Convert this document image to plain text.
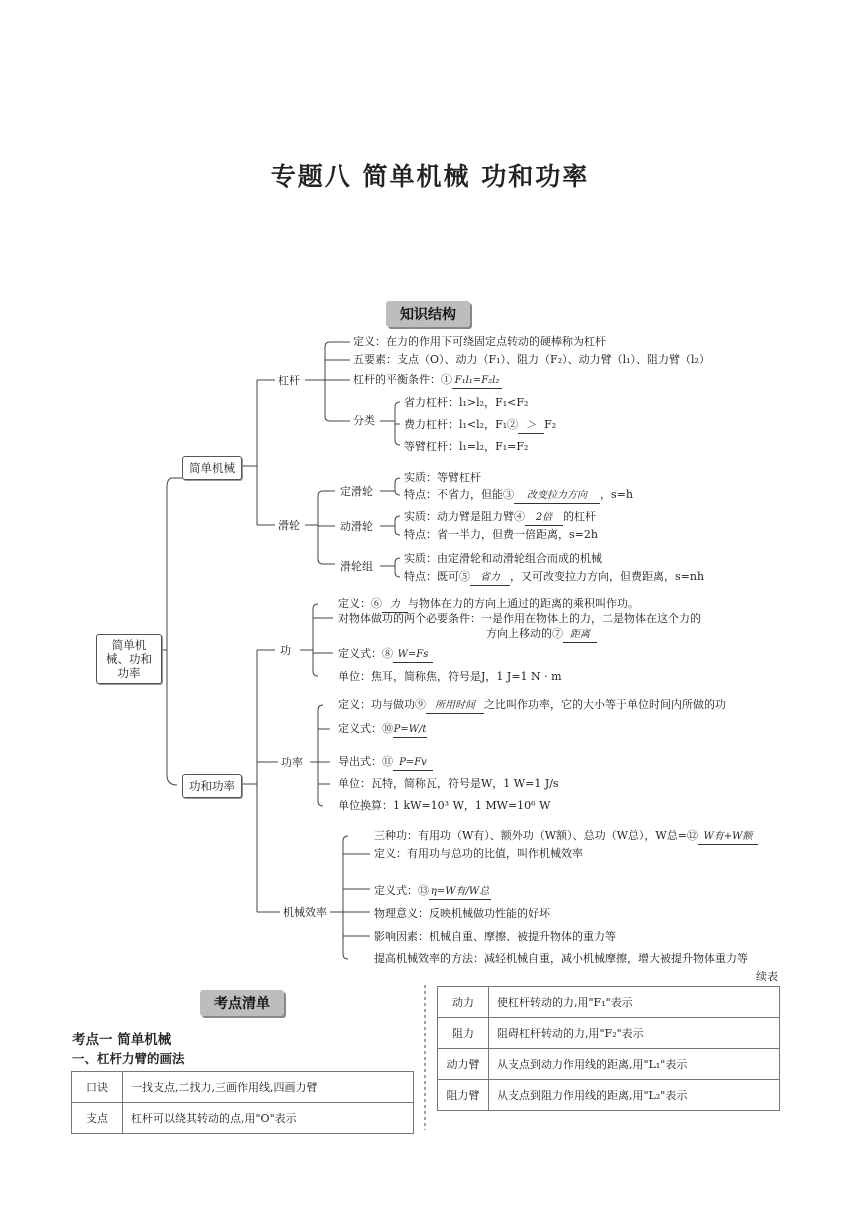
专题八 简单机械 功和功率
知识结构
简单机械、功和功率
简单机械
功和功率
杠杆
定义：在力的作用下可绕固定点转动的硬棒称为杠杆
五要素：支点（O）、动力（F₁）、阻力（F₂）、动力臂（l₁）、阻力臂（l₂）
杠杆的平衡条件：① F₁l₁=F₂l₂
分类
省力杠杆：l₁>l₂，F₁<F₂
费力杠杆：l₁<l₂，F₁② ＞ F₂
等臂杠杆：l₁=l₂，F₁=F₂
滑轮
定滑轮
实质：等臂杠杆
特点：不省力，但能③ 改变拉力方向 ，s=h
动滑轮
实质：动力臂是阻力臂④ 2倍 的杠杆
特点：省一半力，但费一倍距离，s=2h
滑轮组
实质：由定滑轮和动滑轮组合而成的机械
特点：既可⑤ 省力 ，又可改变拉力方向，但费距离，s=nh
功
定义：⑥ 力 与物体在力的方向上通过的距离的乘积叫作功。
对物体做功的两个必要条件：一是作用在物体上的力，二是物体在这个力的
方向上移动的⑦ 距离
定义式：⑧ W=Fs
单位：焦耳，简称焦，符号是J，1 J=1 N · m
功率
定义：功与做功⑨ 所用时间 之比叫作功率，它的大小等于单位时间内所做的功
定义式：⑩P=W/t
导出式：⑪ P=Fv
单位：瓦特，简称瓦，符号是W，1 W=1 J/s
单位换算：1 kW=10³ W，1 MW=10⁶ W
机械效率
三种功：有用功（W有）、额外功（W额）、总功（W总），W总=⑫ W有+W额
定义：有用功与总功的比值，叫作机械效率
定义式：⑬ η=W有/W总
物理意义：反映机械做功性能的好坏
影响因素：机械自重、摩擦、被提升物体的重力等
提高机械效率的方法：减轻机械自重，减小机械摩擦，增大被提升物体重力等
考点清单
考点一 简单机械
一、杠杆力臂的画法
口诀	一找支点,二找力,三画作用线,四画力臂
支点	杠杆可以绕其转动的点,用"O"表示
续表
动力	使杠杆转动的力,用"F₁"表示
阻力	阻碍杠杆转动的力,用"F₂"表示
动力臂	从支点到动力作用线的距离,用"L₁"表示
阻力臂	从支点到阻力作用线的距离,用"L₂"表示
